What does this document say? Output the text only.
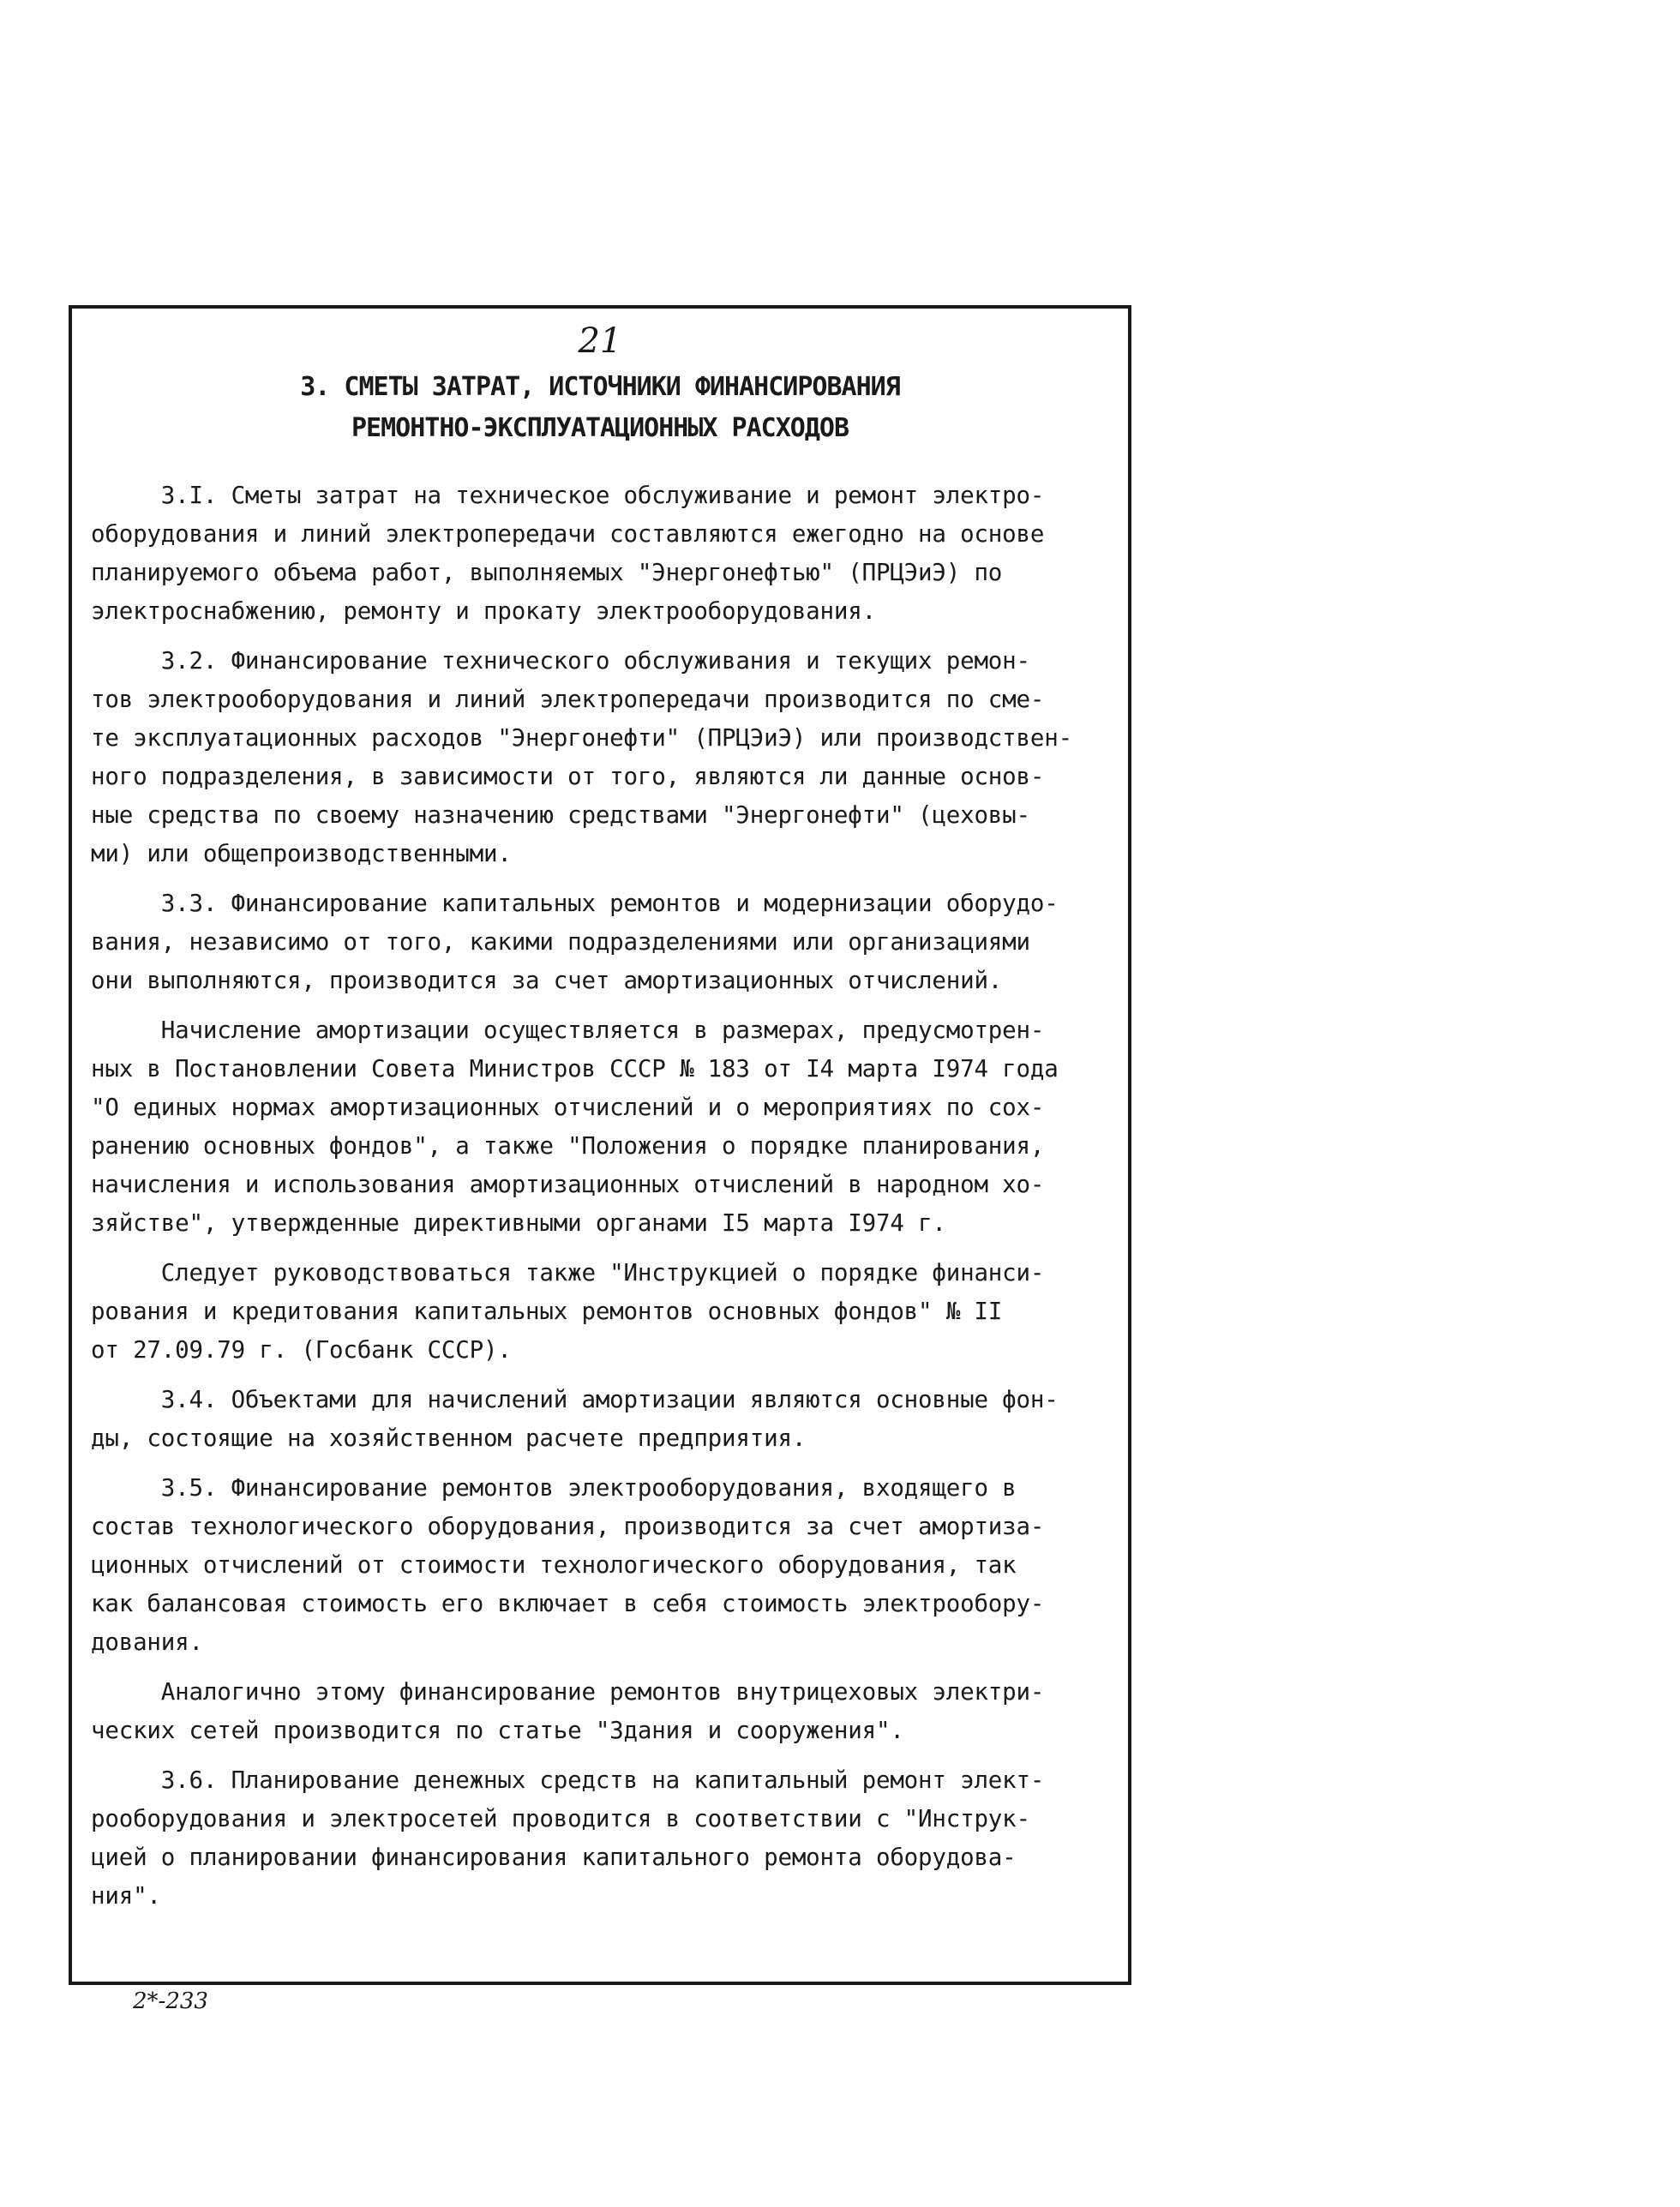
21
3. СМЕТЫ ЗАТРАТ, ИСТОЧНИКИ ФИНАНСИРОВАНИЯ
РЕМОНТНО-ЭКСПЛУАТАЦИОННЫХ РАСХОДОВ
3.I. Сметы затрат на техническое обслуживание и ремонт электро-
оборудования и линий электропередачи составляются ежегодно на основе
планируемого объема работ, выполняемых "Энергонефтью" (ПРЦЭиЭ) по
электроснабжению, ремонту и прокату электрооборудования.
3.2. Финансирование технического обслуживания и текущих ремон-
тов электрооборудования и линий электропередачи производится по сме-
те эксплуатационных расходов "Энергонефти" (ПРЦЭиЭ) или производствен-
ного подразделения, в зависимости от того, являются ли данные основ-
ные средства по своему назначению средствами "Энергонефти" (цеховы-
ми) или общепроизводственными.
3.3. Финансирование капитальных ремонтов и модернизации оборудо-
вания, независимо от того, какими подразделениями или организациями
они выполняются, производится за счет амортизационных отчислений.
Начисление амортизации осуществляется в размерах, предусмотрен-
ных в Постановлении Совета Министров СССР № 183 от I4 марта I974 года
"О единых нормах амортизационных отчислений и о мероприятиях по сох-
ранению основных фондов", а также "Положения о порядке планирования,
начисления и использования амортизационных отчислений в народном хо-
зяйстве", утвержденные директивными органами I5 марта I974 г.
Следует руководствоваться также "Инструкцией о порядке финанси-
рования и кредитования капитальных ремонтов основных фондов" № II
от 27.09.79 г. (Госбанк СССР).
3.4. Объектами для начислений амортизации являются основные фон-
ды, состоящие на хозяйственном расчете предприятия.
3.5. Финансирование ремонтов электрооборудования, входящего в
состав технологического оборудования, производится за счет амортиза-
ционных отчислений от стоимости технологического оборудования, так
как балансовая стоимость его включает в себя стоимость электрообору-
дования.
Аналогично этому финансирование ремонтов внутрицеховых электри-
ческих сетей производится по статье "Здания и сооружения".
3.6. Планирование денежных средств на капитальный ремонт элект-
рооборудования и электросетей проводится в соответствии с "Инструк-
цией о планировании финансирования капитального ремонта оборудова-
ния".
2*-233
